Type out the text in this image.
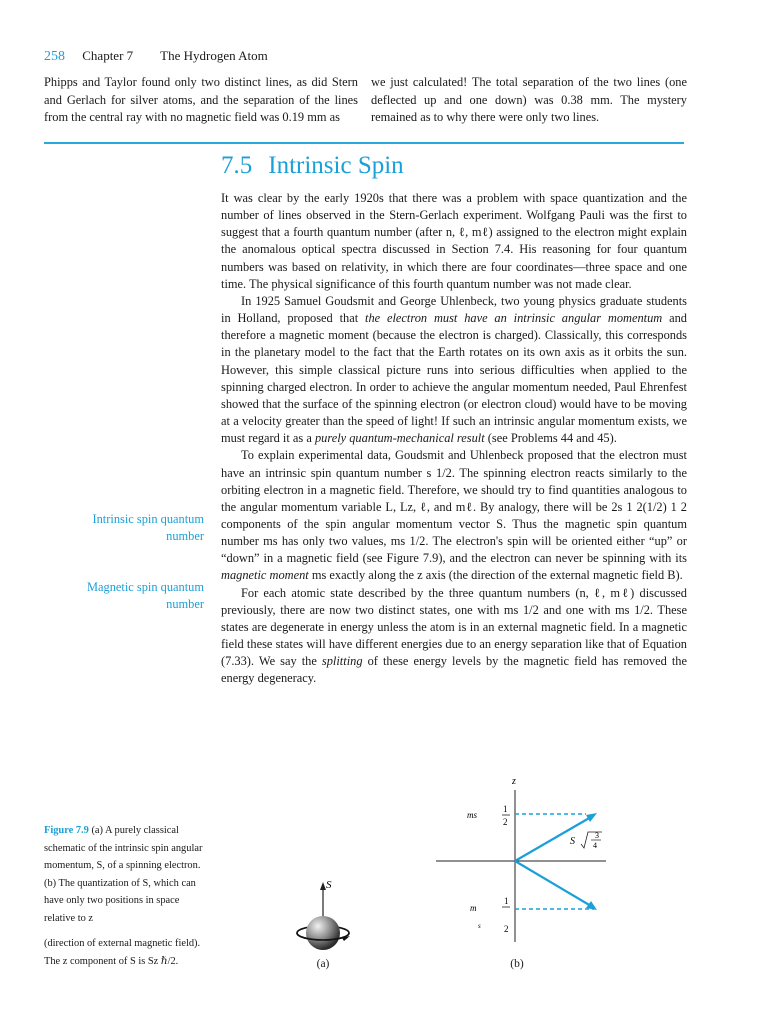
258 Chapter 7 The Hydrogen Atom
Phipps and Taylor found only two distinct lines, as did Stern and Gerlach for silver atoms, and the separation of the lines from the central ray with no magnetic field was 0.19 mm as
we just calculated! The total separation of the two lines (one deflected up and one down) was 0.38 mm. The mystery remained as to why there were only two lines.
7.5 Intrinsic Spin

It was clear by the early 1920s that there was a problem with space quantization and the number of lines observed in the Stern-Gerlach experiment. Wolfgang Pauli was the first to suggest that a fourth quantum number (after n, ℓ, mℓ) assigned to the electron might explain the anomalous optical spectra discussed in Section 7.4. His reasoning for four quantum numbers was based on relativity, in which there are four coordinates—three space and one time. The physical significance of this fourth quantum number was not made clear.

In 1925 Samuel Goudsmit and George Uhlenbeck, two young physics graduate students in Holland, proposed that the electron must have an intrinsic angular momentum and therefore a magnetic moment (because the electron is charged). Classically, this corresponds in the planetary model to the fact that the Earth rotates on its own axis as it orbits the sun. However, this simple classical picture runs into serious difficulties when applied to the spinning charged electron. In order to achieve the angular momentum needed, Paul Ehrenfest showed that the surface of the spinning electron (or electron cloud) would have to be moving at a velocity greater than the speed of light! If such an intrinsic angular momentum exists, we must regard it as a purely quantum-mechanical result (see Problems 44 and 45).

To explain experimental data, Goudsmit and Uhlenbeck proposed that the electron must have an intrinsic spin quantum number s 1/2. The spinning electron reacts similarly to the orbiting electron in a magnetic field. Therefore, we should try to find quantities analogous to the angular momentum variable L, Lz, ℓ, and mℓ. By analogy, there will be 2s 1 2(1/2) 1 2 components of the spin angular momentum vector S. Thus the magnetic spin quantum number ms has only two values, ms 1/2. The electron's spin will be oriented either “up” or “down” in a magnetic field (see Figure 7.9), and the electron can never be spinning with its magnetic moment ms exactly along the z axis (the direction of the external magnetic field B).

For each atomic state described by the three quantum numbers (n, ℓ, mℓ) discussed previously, there are now two distinct states, one with ms 1/2 and one with ms 1/2. These states are degenerate in energy unless the atom is in an external magnetic field. In a magnetic field these states will have different energies due to an energy separation like that of Equation (7.33). We say the splitting of these energy levels by the magnetic field has removed the energy degeneracy.

Intrinsic spin quantum number
Magnetic spin quantum number

Figure 7.9 (a) A purely classical schematic of the intrinsic spin angular momentum, S, of a spinning electron. (b) The quantization of S, which can have only two positions in space relative to z

(direction of external magnetic field). The z component of S is Sz ℏ/2.

S
(a)
z
ms
1
2
S
3
4
m
s
1
2
(b)
